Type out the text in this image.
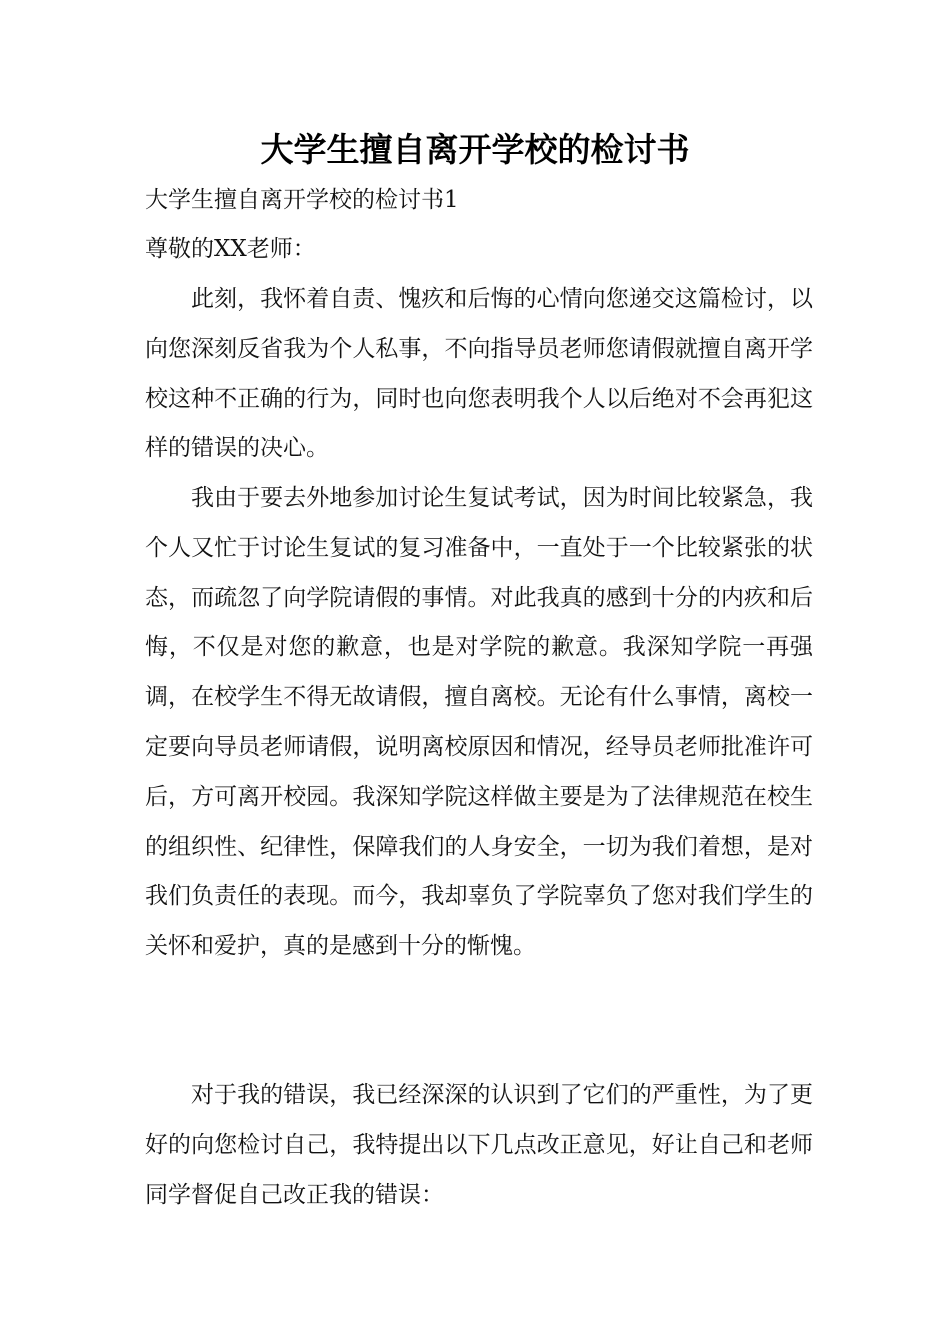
大学生擅自离开学校的检讨书

大学生擅自离开学校的检讨书1

尊敬的XX老师：

此刻，我怀着自责、愧疚和后悔的心情向您递交这篇检讨，以向您深刻反省我为个人私事，不向指导员老师您请假就擅自离开学校这种不正确的行为，同时也向您表明我个人以后绝对不会再犯这样的错误的决心。

我由于要去外地参加讨论生复试考试，因为时间比较紧急，我个人又忙于讨论生复试的复习准备中，一直处于一个比较紧张的状态，而疏忽了向学院请假的事情。对此我真的感到十分的内疚和后悔，不仅是对您的歉意，也是对学院的歉意。我深知学院一再强调，在校学生不得无故请假，擅自离校。无论有什么事情，离校一定要向导员老师请假，说明离校原因和情况，经导员老师批准许可后，方可离开校园。我深知学院这样做主要是为了法律规范在校生的组织性、纪律性，保障我们的人身安全，一切为我们着想，是对我们负责任的表现。而今，我却辜负了学院辜负了您对我们学生的关怀和爱护，真的是感到十分的惭愧。

对于我的错误，我已经深深的认识到了它们的严重性，为了更好的向您检讨自己，我特提出以下几点改正意见，好让自己和老师同学督促自己改正我的错误：
